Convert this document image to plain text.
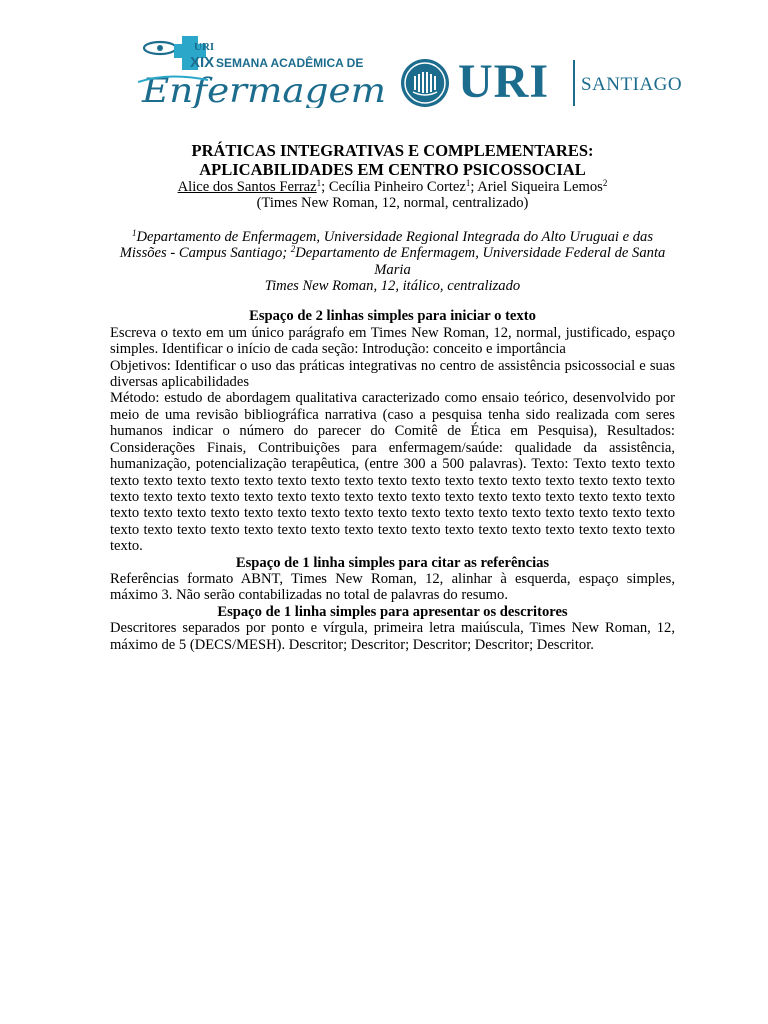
URI
XIX SEMANA ACADÊMICA DE
Enfermagem URI SANTIAGO

PRÁTICAS INTEGRATIVAS E COMPLEMENTARES:

APLICABILIDADES EM CENTRO PSICOSSOCIAL

Alice dos Santos Ferraz$^1$; Cecília Pinheiro Cortez$^1$; Ariel Siqueira Lemos$^2$
(Times New Roman, 12, normal, centralizado)
$^1$Departamento de Enfermagem, Universidade Regional Integrada do Alto Uruguai e das Missões - Campus Santiago; $^2$Departamento de Enfermagem, Universidade Federal de Santa Maria
Times New Roman, 12, itálico, centralizado
Espaço de 2 linhas simples para iniciar o texto
Escreva o texto em um único parágrafo em Times New Roman, 12, normal, justificado, espaço simples. Identificar o início de cada seção: Introdução: conceito e importância
Objetivos: Identificar o uso das práticas integrativas no centro de assistência psicossocial e suas diversas aplicabilidades
Método: estudo de abordagem qualitativa caracterizado como ensaio teórico, desenvolvido por meio de uma revisão bibliográfica narrativa (caso a pesquisa tenha sido realizada com seres humanos indicar o número do parecer do Comitê de Ética em Pesquisa), Resultados: Considerações Finais, Contribuições para enfermagem/saúde: qualidade da assistência, humanização, potencialização terapêutica, (entre 300 a 500 palavras). Texto: Texto texto texto texto texto texto texto texto texto texto texto texto texto texto texto texto texto texto texto texto texto texto texto texto texto texto texto texto texto texto texto texto texto texto texto texto texto texto texto texto texto texto texto texto texto texto texto texto texto texto texto texto texto texto texto texto texto texto texto texto texto texto texto texto texto texto texto texto texto texto texto texto.
Espaço de 1 linha simples para citar as referências
Referências formato ABNT, Times New Roman, 12, alinhar à esquerda, espaço simples, máximo 3. Não serão contabilizadas no total de palavras do resumo.
Espaço de 1 linha simples para apresentar os descritores
Descritores separados por ponto e vírgula, primeira letra maiúscula, Times New Roman, 12, máximo de 5 (DECS/MESH). Descritor; Descritor; Descritor; Descritor; Descritor.
